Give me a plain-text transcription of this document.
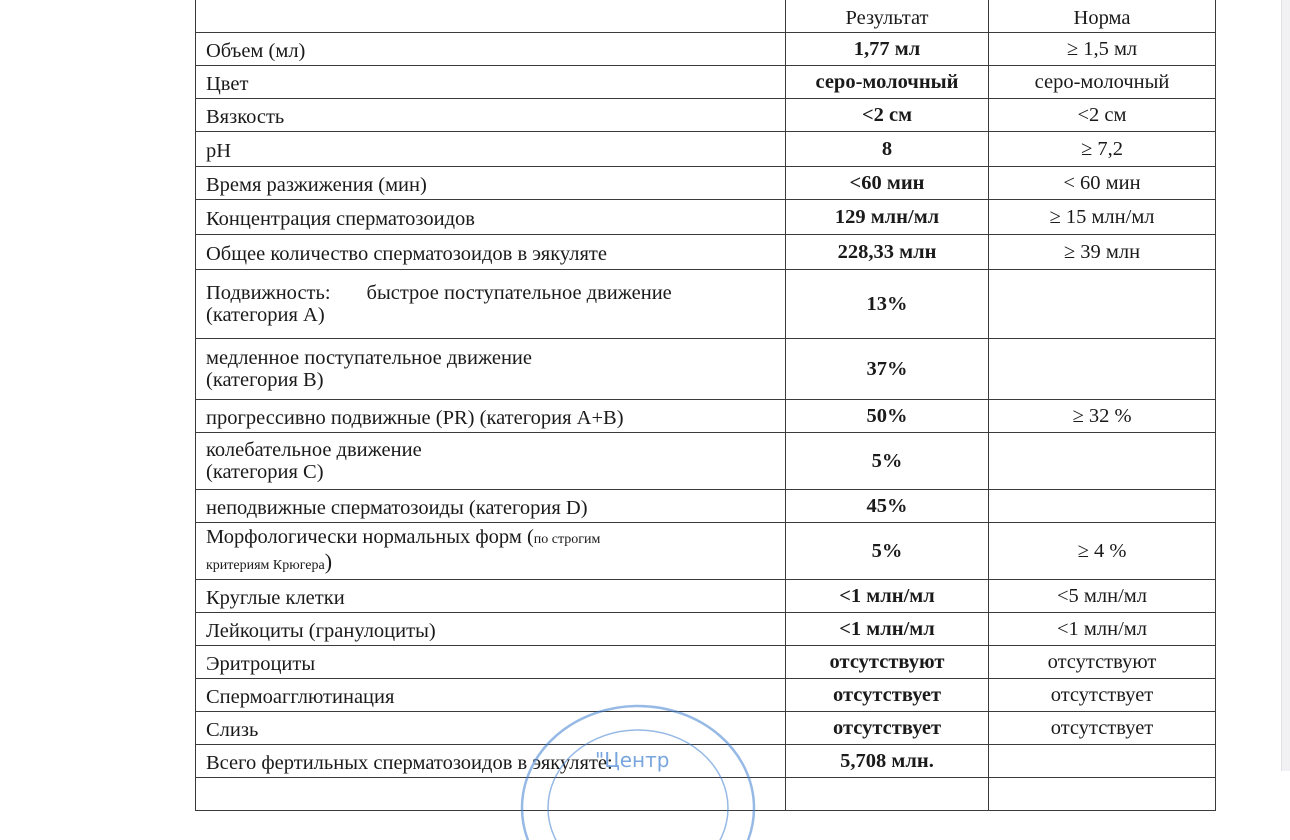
	Результат	Норма
Объем (мл)	1,77 мл	≥ 1,5 мл
Цвет	серо-молочный	серо-молочный
Вязкость	<2 см	<2 см
pH	8	≥ 7,2
Время разжижения (мин)	<60 мин	< 60 мин
Концентрация сперматозоидов	129 млн/мл	≥ 15 млн/мл
Общее количество сперматозоидов в эякуляте	228,33 млн	≥ 39 млн

Подвижность: быстрое поступательное движение
(категория А)	13%	

медленное поступательное движение
(категория В)	37%	
прогрессивно подвижные (PR) (категория А+В)	50%	≥ 32 %

колебательное движение
(категория С)	5%	
неподвижные сперматозоиды (категория D)	45%	

Морфологически нормальных форм (по строгим
критериям Крюгера)	5%	≥ 4 %
Круглые клетки	<1 млн/мл	<5 млн/мл
Лейкоциты (гранулоциты)	<1 млн/мл	<1 млн/мл
Эритроциты	отсутствуют	отсутствуют
Спермоагглютинация	отсутствует	отсутствует
Слизь	отсутствует	отсутствует
Всего фертильных сперматозоидов в эякуляте:	5,708 млн.	

"Центр
